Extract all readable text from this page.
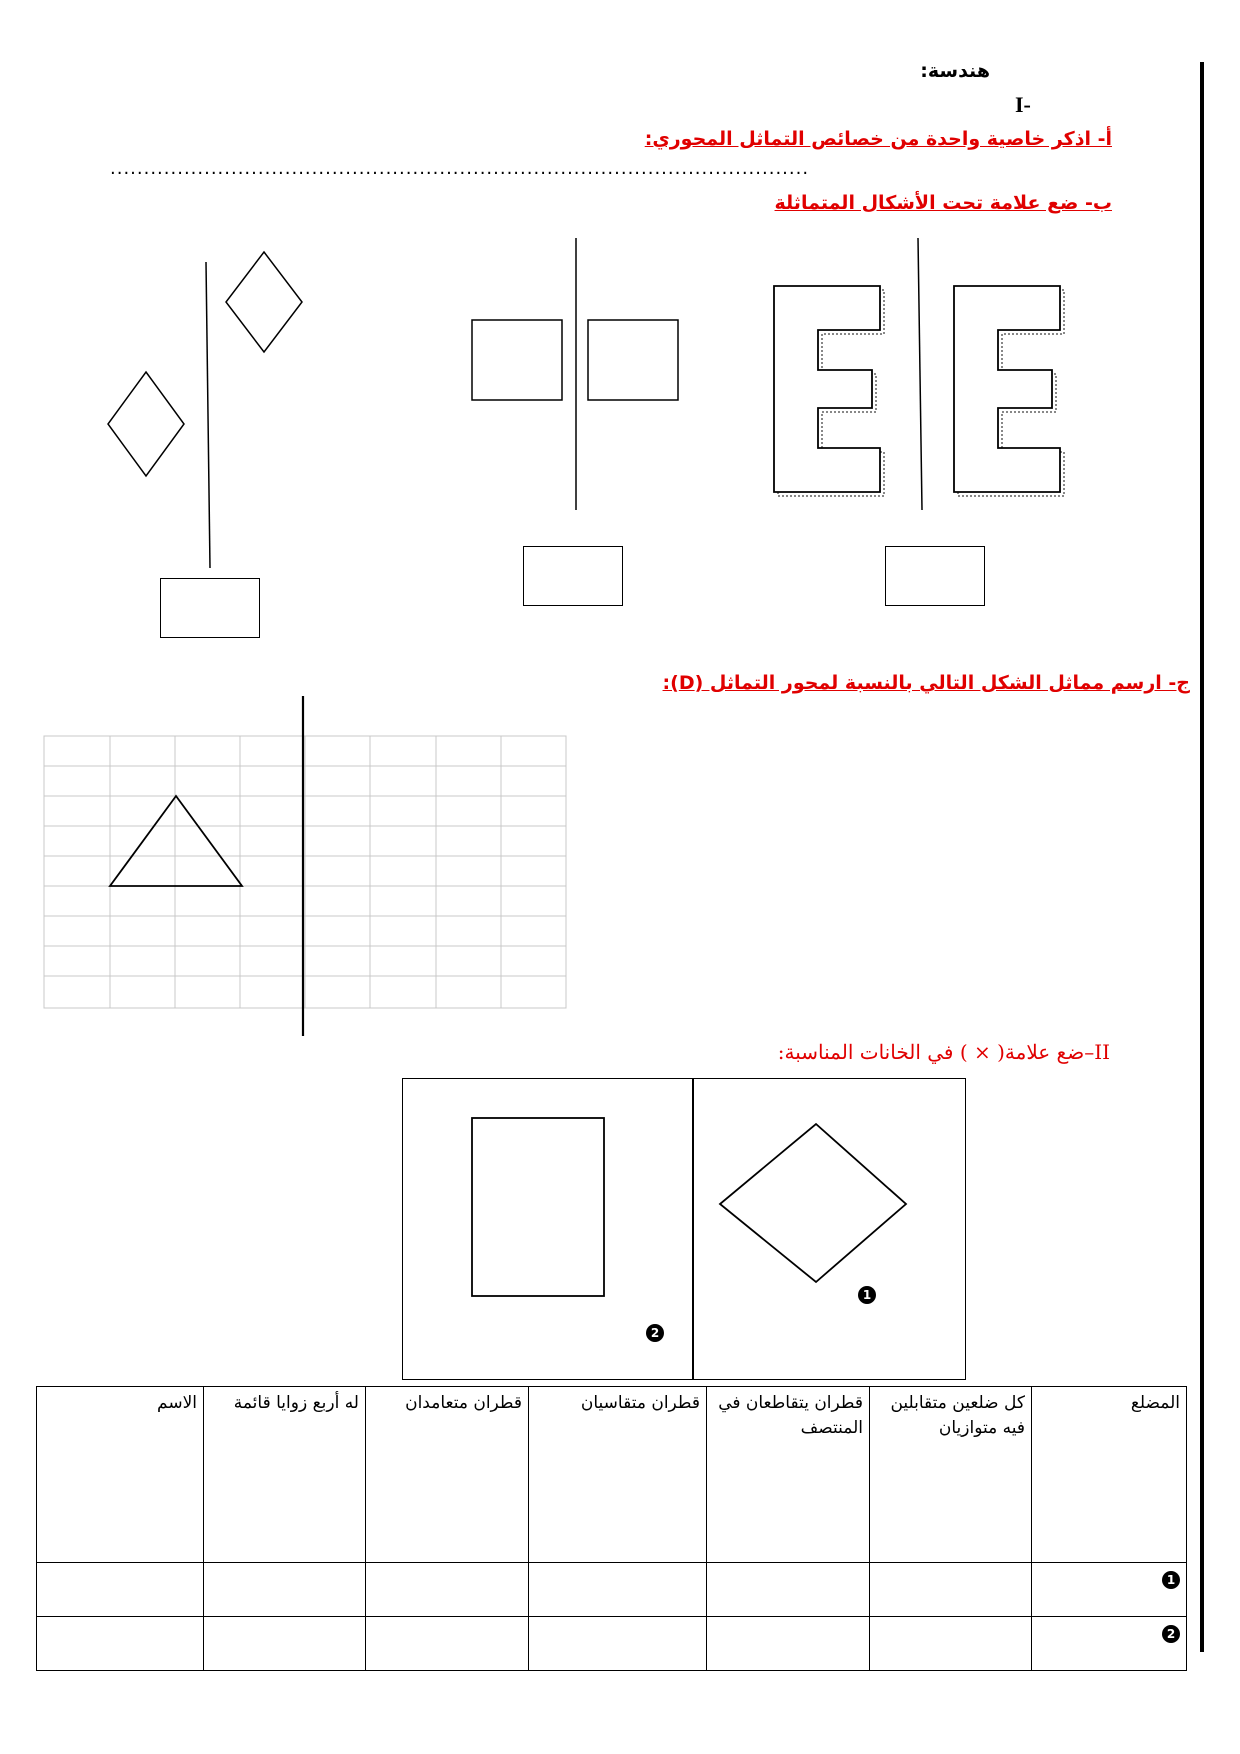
هندسة:
I-
أ- اذكر خاصية واحدة من خصائص التماثل المحوري:
........................................................................................................
ب- ضع علامة تحت الأشكال المتماثلة
ج- ارسم مماثل الشكل التالي بالنسبة لمحور التماثل (D):
II–ضع علامة( × ) في الخانات المناسبة:
1
2
المضلع	كل ضلعين متقابلين فيه متوازيان	قطران يتقاطعان في المنتصف	قطران متقاسيان	قطران متعامدان	له أربع زوايا قائمة	الاسم
1						
2						
